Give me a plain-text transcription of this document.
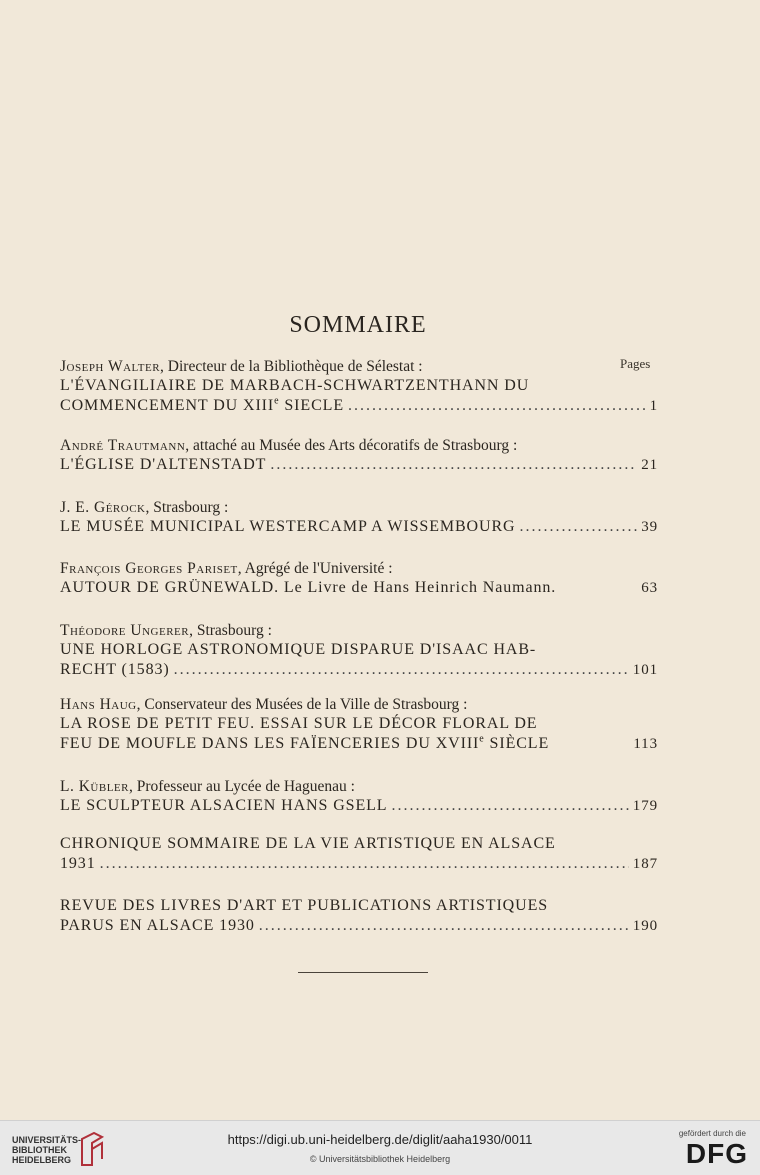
SOMMAIRE
Pages
Joseph Walter, Directeur de la Bibliothèque de Sélestat :
L'ÉVANGILIAIRE DE MARBACH-SCHWARTZENTHANN DU
COMMENCEMENT DU XIIIe SIECLE .....	1
André Trautmann, attaché au Musée des Arts décoratifs de Strasbourg :
L'ÉGLISE D'ALTENSTADT .....	21
J. E. Gérock, Strasbourg :
LE MUSÉE MUNICIPAL WESTERCAMP A WISSEMBOURG .....	39
François Georges Pariset, Agrégé de l'Université :
AUTOUR DE GRÜNEWALD. Le Livre de Hans Heinrich Naumann.	63
Théodore Ungerer, Strasbourg :
UNE HORLOGE ASTRONOMIQUE DISPARUE D'ISAAC HAB-
RECHT (1583) .....	101
Hans Haug, Conservateur des Musées de la Ville de Strasbourg :
LA ROSE DE PETIT FEU. ESSAI SUR LE DÉCOR FLORAL DE
FEU DE MOUFLE DANS LES FAÏENCERIES DU XVIIIe SIÈCLE	113
L. Kübler, Professeur au Lycée de Haguenau :
LE SCULPTEUR ALSACIEN HANS GSELL .....	179
CHRONIQUE SOMMAIRE DE LA VIE ARTISTIQUE EN ALSACE
1931 .....	187
REVUE DES LIVRES D'ART ET PUBLICATIONS ARTISTIQUES
PARUS EN ALSACE 1930 .....	190
UNIVERSITÄTS-
BIBLIOTHEK
HEIDELBERG
https://digi.ub.uni-heidelberg.de/diglit/aaha1930/0011
© Universitätsbibliothek Heidelberg
gefördert durch die
DFG
